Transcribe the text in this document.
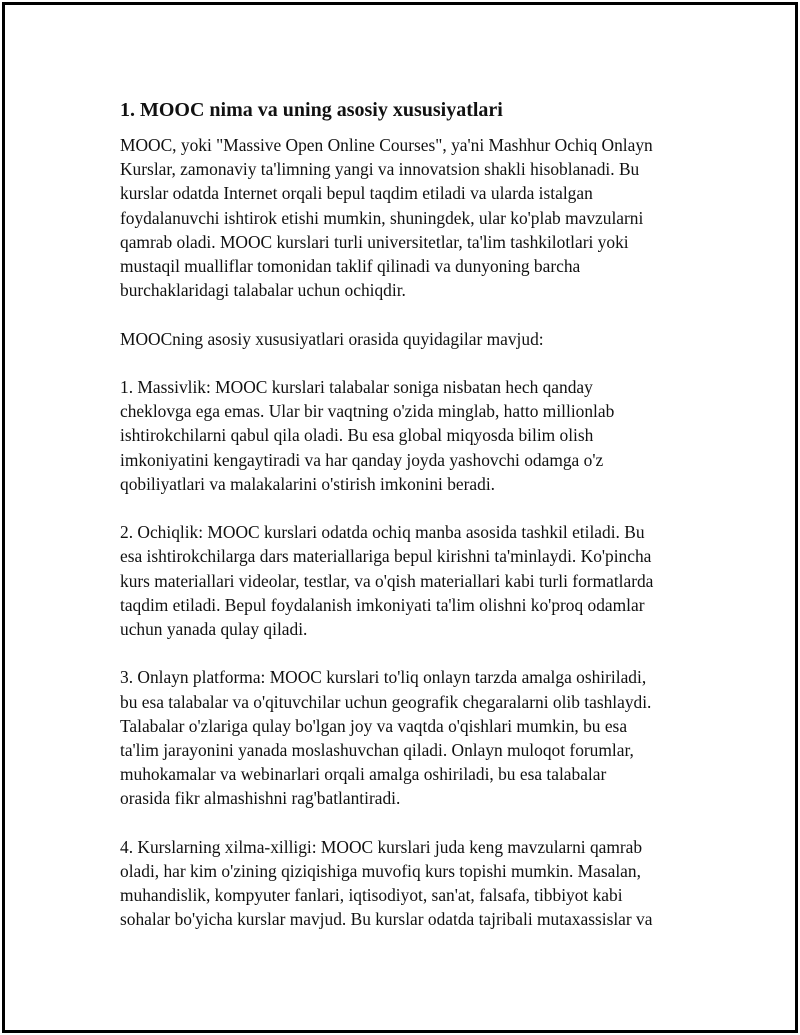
1. MOOC nima va uning asosiy xususiyatlari

MOOC, yoki "Massive Open Online Courses", ya'ni Mashhur Ochiq Onlayn
Kurslar, zamonaviy ta'limning yangi va innovatsion shakli hisoblanadi. Bu
kurslar odatda Internet orqali bepul taqdim etiladi va ularda istalgan
foydalanuvchi ishtirok etishi mumkin, shuningdek, ular ko'plab mavzularni
qamrab oladi. MOOC kurslari turli universitetlar, ta'lim tashkilotlari yoki
mustaqil mualliflar tomonidan taklif qilinadi va dunyoning barcha
burchaklaridagi talabalar uchun ochiqdir.

MOOCning asosiy xususiyatlari orasida quyidagilar mavjud:

1. Massivlik: MOOC kurslari talabalar soniga nisbatan hech qanday
cheklovga ega emas. Ular bir vaqtning o'zida minglab, hatto millionlab
ishtirokchilarni qabul qila oladi. Bu esa global miqyosda bilim olish
imkoniyatini kengaytiradi va har qanday joyda yashovchi odamga o'z
qobiliyatlari va malakalarini o'stirish imkonini beradi.

2. Ochiqlik: MOOC kurslari odatda ochiq manba asosida tashkil etiladi. Bu
esa ishtirokchilarga dars materiallariga bepul kirishni ta'minlaydi. Ko'pincha
kurs materiallari videolar, testlar, va o'qish materiallari kabi turli formatlarda
taqdim etiladi. Bepul foydalanish imkoniyati ta'lim olishni ko'proq odamlar
uchun yanada qulay qiladi.

3. Onlayn platforma: MOOC kurslari to'liq onlayn tarzda amalga oshiriladi,
bu esa talabalar va o'qituvchilar uchun geografik chegaralarni olib tashlaydi.
Talabalar o'zlariga qulay bo'lgan joy va vaqtda o'qishlari mumkin, bu esa
ta'lim jarayonini yanada moslashuvchan qiladi. Onlayn muloqot forumlar,
muhokamalar va webinarlari orqali amalga oshiriladi, bu esa talabalar
orasida fikr almashishni rag'batlantiradi.

4. Kurslarning xilma-xilligi: MOOC kurslari juda keng mavzularni qamrab
oladi, har kim o'zining qiziqishiga muvofiq kurs topishi mumkin. Masalan,
muhandislik, kompyuter fanlari, iqtisodiyot, san'at, falsafa, tibbiyot kabi
sohalar bo'yicha kurslar mavjud. Bu kurslar odatda tajribali mutaxassislar va
